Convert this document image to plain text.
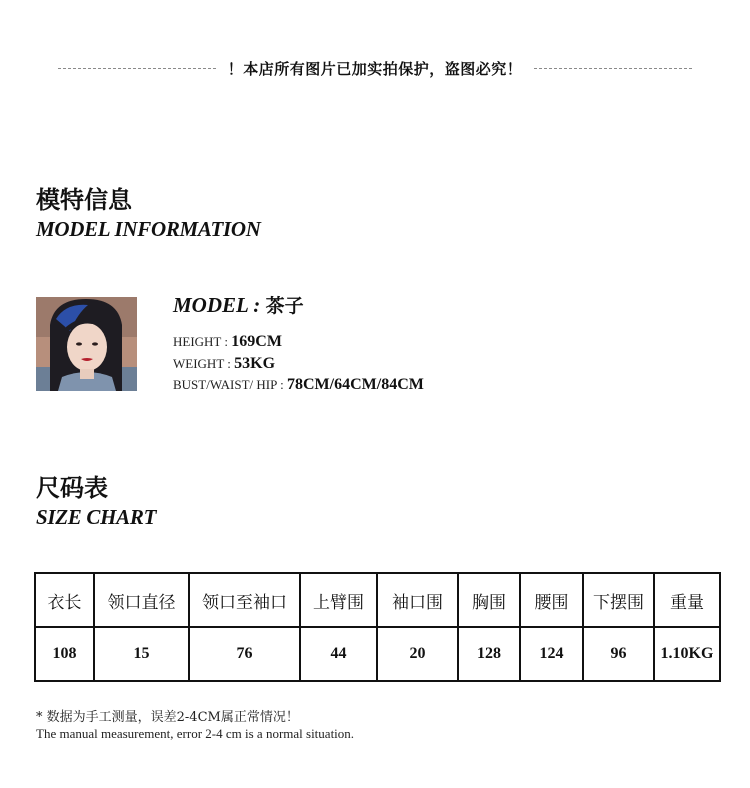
！本店所有图片已加实拍保护，盗图必究！
模特信息
MODEL INFORMATION
MODEL : 茶子
HEIGHT : 169CM
WEIGHT : 53KG
BUST/WAIST/ HIP : 78CM/64CM/84CM
尺码表
SIZE CHART
衣长	领口直径	领口至袖口	上臂围	袖口围	胸围	腰围	下摆围	重量
108	15	76	44	20	128	124	96	1.10KG
* 数据为手工测量，误差2-4CM属正常情况！
The manual measurement, error 2-4 cm is a normal situation.
